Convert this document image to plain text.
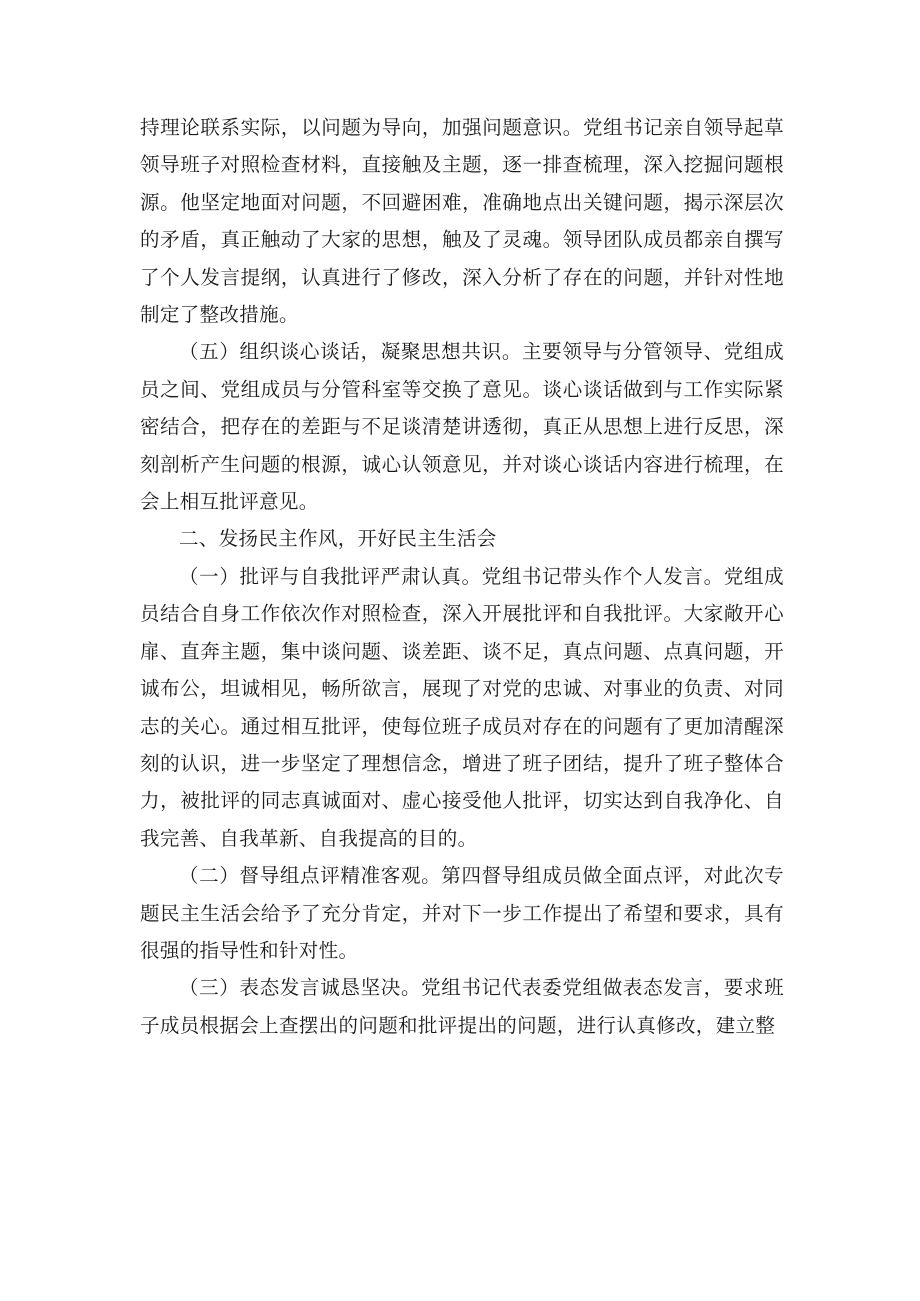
持理论联系实际，以问题为导向，加强问题意识。党组书记亲自领导起草领导班子对照检查材料，直接触及主题，逐一排查梳理，深入挖掘问题根源。他坚定地面对问题，不回避困难，准确地点出关键问题，揭示深层次的矛盾，真正触动了大家的思想，触及了灵魂。领导团队成员都亲自撰写了个人发言提纲，认真进行了修改，深入分析了存在的问题，并针对性地制定了整改措施。

（五）组织谈心谈话，凝聚思想共识。主要领导与分管领导、党组成员之间、党组成员与分管科室等交换了意见。谈心谈话做到与工作实际紧密结合，把存在的差距与不足谈清楚讲透彻，真正从思想上进行反思，深刻剖析产生问题的根源，诚心认领意见，并对谈心谈话内容进行梳理，在会上相互批评意见。

二、发扬民主作风，开好民主生活会

（一）批评与自我批评严肃认真。党组书记带头作个人发言。党组成员结合自身工作依次作对照检查，深入开展批评和自我批评。大家敞开心扉、直奔主题，集中谈问题、谈差距、谈不足，真点问题、点真问题，开诚布公，坦诚相见，畅所欲言，展现了对党的忠诚、对事业的负责、对同志的关心。通过相互批评，使每位班子成员对存在的问题有了更加清醒深刻的认识，进一步坚定了理想信念，增进了班子团结，提升了班子整体合力，被批评的同志真诚面对、虚心接受他人批评，切实达到自我净化、自我完善、自我革新、自我提高的目的。

（二）督导组点评精准客观。第四督导组成员做全面点评，对此次专题民主生活会给予了充分肯定，并对下一步工作提出了希望和要求，具有很强的指导性和针对性。

（三）表态发言诚恳坚决。党组书记代表委党组做表态发言，要求班子成员根据会上查摆出的问题和批评提出的问题，进行认真修改，建立整
